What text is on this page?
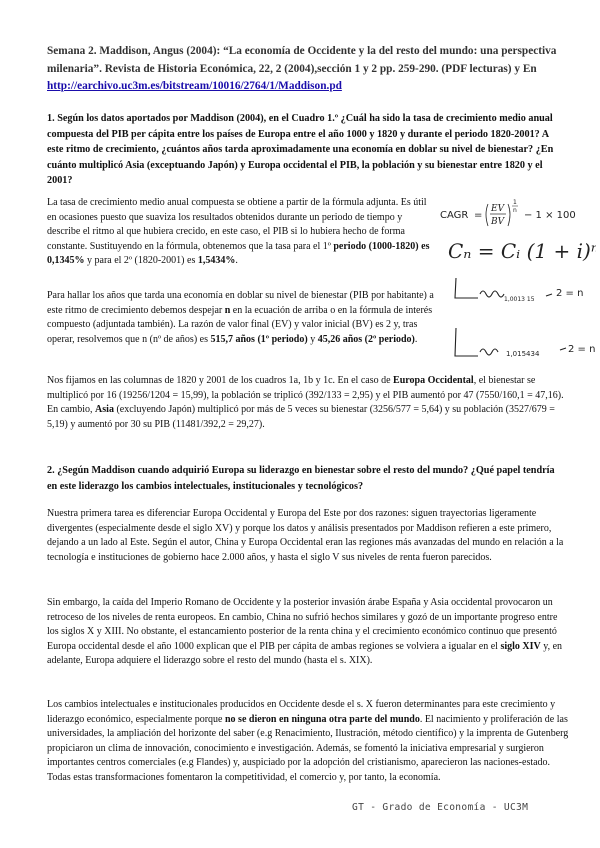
Semana 2. Maddison, Angus (2004): “La economía de Occidente y la del resto del mundo: una perspectiva milenaria”. Revista de Historia Económica, 22, 2 (2004),sección 1 y 2 pp. 259-290. (PDF lecturas) y En http://earchivo.uc3m.es/bitstream/10016/2764/1/Maddison.pd
1. Según los datos aportados por Maddison (2004), en el Cuadro 1.º ¿Cuál ha sido la tasa de crecimiento medio anual compuesta del PIB per cápita entre los países de Europa entre el año 1000 y 1820 y durante el periodo 1820-2001? A este ritmo de crecimiento, ¿cuántos años tarda aproximadamente una economía en doblar su nivel de bienestar? ¿En cuánto multiplicó Asia (exceptuando Japón) y Europa occidental el PIB, la población y su bienestar entre 1820 y el 2001?
La tasa de crecimiento medio anual compuesta se obtiene a partir de la fórmula adjunta. Es útil en ocasiones puesto que suaviza los resultados obtenidos durante un periodo de tiempo y describe el ritmo al que hubiera crecido, en este caso, el PIB si lo hubiera hecho de forma constante. Sustituyendo en la fórmula, obtenemos que la tasa para el 1º periodo (1000-1820) es 0,1345% y para el 2º (1820-2001) es 1,5434%.
CAGR =
EV
BV
1
n − 1 × 100
Cₙ = Cᵢ (1 + i)ⁿ
1,0013 15
2 = n
1,015434	2 = n
Para hallar los años que tarda una economía en doblar su nivel de bienestar (PIB por habitante) a este ritmo de crecimiento debemos despejar n en la ecuación de arriba o en la fórmula de interés compuesto (adjuntada también). La razón de valor final (EV) y valor inicial (BV) es 2 y, tras operar, resolvemos que n (nº de años) es 515,7 años (1º periodo) y 45,26 años (2º periodo).
Nos fijamos en las columnas de 1820 y 2001 de los cuadros 1a, 1b y 1c. En el caso de Europa Occidental, el bienestar se multiplicó por 16 (19256/1204 = 15,99), la población se triplicó (392/133 = 2,95) y el PIB aumentó por 47 (7550/160,1 = 47,16). En cambio, Asia (excluyendo Japón) multiplicó por más de 5 veces su bienestar (3256/577 = 5,64) y su población (3527/679 = 5,19) y aumentó por 30 su PIB (11481/392,2 = 29,27).
2. ¿Según Maddison cuando adquirió Europa su liderazgo en bienestar sobre el resto del mundo? ¿Qué papel tendría en este liderazgo los cambios intelectuales, institucionales y tecnológicos?
Nuestra primera tarea es diferenciar Europa Occidental y Europa del Este por dos razones: siguen trayectorias ligeramente divergentes (especialmente desde el siglo XV) y porque los datos y análisis presentados por Maddison refieren a este primero, dejando a un lado al Este. Según el autor, China y Europa Occidental eran las regiones más avanzadas del mundo en relación a la tecnología e instituciones de gobierno hace 2.000 años, y hasta el siglo V sus niveles de renta fueron parecidos.
Sin embargo, la caída del Imperio Romano de Occidente y la posterior invasión árabe España y Asia occidental provocaron un retroceso de los niveles de renta europeos. En cambio, China no sufrió hechos similares y gozó de un importante progreso entre los siglos X y XIII. No obstante, el estancamiento posterior de la renta china y el crecimiento económico continuo que presentó Europa occidental desde el año 1000 explican que el PIB per cápita de ambas regiones se volviera a igualar en el siglo XIV y, en adelante, Europa adquiere el liderazgo sobre el resto del mundo (hasta el s. XIX).
Los cambios intelectuales e institucionales producidos en Occidente desde el s. X fueron determinantes para este crecimiento y liderazgo económico, especialmente porque no se dieron en ninguna otra parte del mundo. El nacimiento y proliferación de las universidades, la ampliación del horizonte del saber (e.g Renacimiento, Ilustración, método científico) y la imprenta de Gutenberg propiciaron un clima de innovación, conocimiento e investigación. Además, se fomentó la iniciativa empresarial y surgieron importantes centros comerciales (e.g Flandes) y, auspiciado por la adopción del cristianismo, aparecieron las naciones-estado. Todas estas transformaciones fomentaron la competitividad, el comercio y, por tanto, la economía.
GT - Grado de Economía - UC3M
